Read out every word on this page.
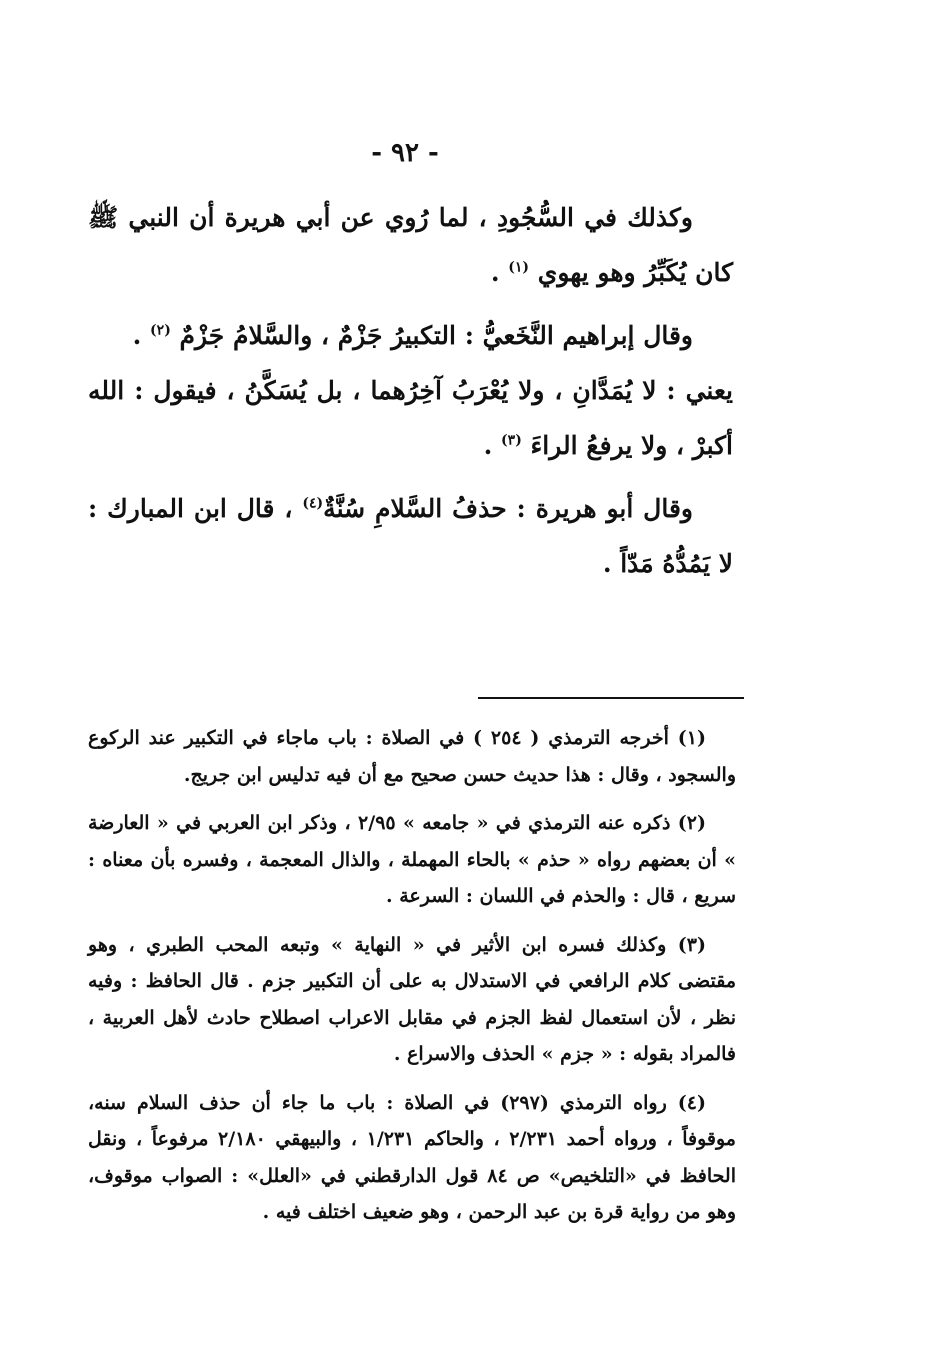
- ٩٢ -

وكذلك في السُّجُودِ ، لما رُوي عن أبي هريرة أن النبي ﷺ كان يُكَبِّرُ وهو يهوي $^{(١)}$ .

وقال إبراهيم النَّخَعيُّ : التكبيرُ جَزْمٌ ، والسَّلامُ جَزْمٌ $^{(٢)}$ .
يعني : لا يُمَدَّانِ ، ولا يُعْرَبُ آخِرُهما ، بل يُسَكَّنُ ، فيقول : الله أكبرْ ، ولا يرفعُ الراءَ $^{(٣)}$ .

وقال أبو هريرة : حذفُ السَّلامِ سُنَّةٌ$^{(٤)}$ ، قال ابن المبارك : لا يَمُدُّهُ مَدّاً .

(١) أخرجه الترمذي ( ٢٥٤ ) في الصلاة : باب ماجاء في التكبير عند الركوع والسجود ، وقال : هذا حديث حسن صحيح مع أن فيه تدليس ابن جريج.

(٢) ذكره عنه الترمذي في « جامعه » ٢/٩٥ ، وذكر ابن العربي في « العارضة » أن بعضهم رواه « حذم » بالحاء المهملة ، والذال المعجمة ، وفسره بأن معناه : سريع ، قال : والحذم في اللسان : السرعة .

(٣) وكذلك فسره ابن الأثير في « النهاية » وتبعه المحب الطبري ، وهو مقتضى كلام الرافعي في الاستدلال به على أن التكبير جزم . قال الحافظ : وفيه نظر ، لأن استعمال لفظ الجزم في مقابل الاعراب اصطلاح حادث لأهل العربية ، فالمراد بقوله : « جزم » الحذف والاسراع .

(٤) رواه الترمذي (٢٩٧) في الصلاة : باب ما جاء أن حذف السلام سنه، موقوفاً ، ورواه أحمد ٢/٢٣١ ، والحاكم ١/٢٣١ ، والبيهقي ٢/١٨٠ مرفوعاً ، ونقل الحافظ في «التلخيص» ص ٨٤ قول الدارقطني في «العلل» : الصواب موقوف، وهو من رواية قرة بن عبد الرحمن ، وهو ضعيف اختلف فيه .
